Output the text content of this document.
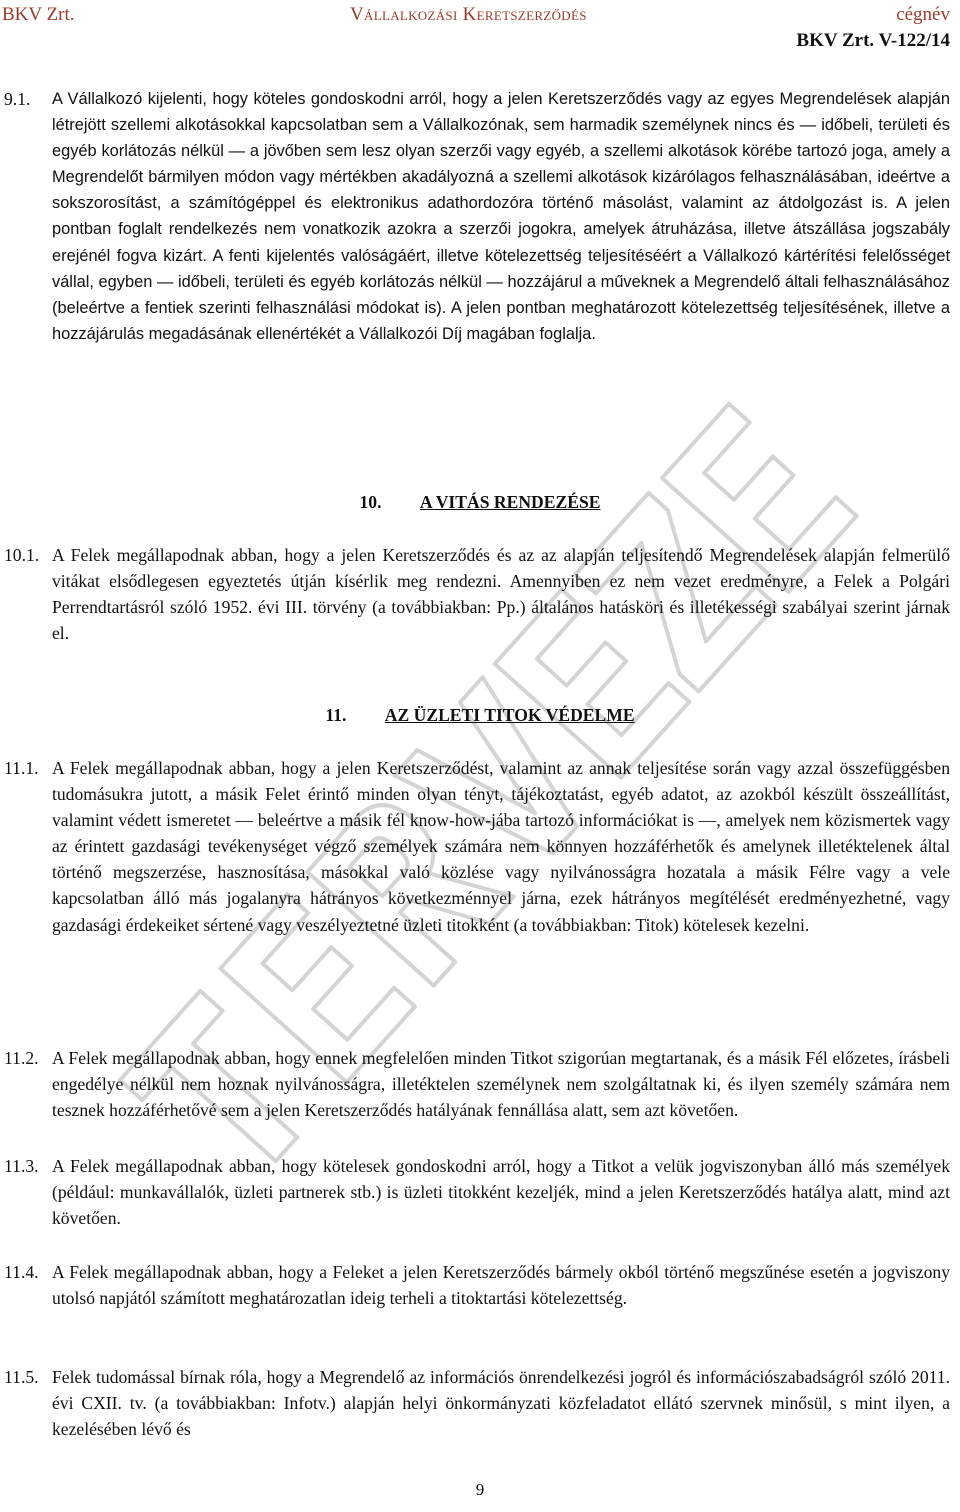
BKV Zrt.	Vállalkozási Keretszerződés	cégnév
BKV Zrt. V-122/14
9.1.	A Vállalkozó kijelenti, hogy köteles gondoskodni arról, hogy a jelen Keretszerződés vagy az egyes Megrendelések alapján létrejött szellemi alkotásokkal kapcsolatban sem a Vállalkozónak, sem harmadik személynek nincs és — időbeli, területi és egyéb korlátozás nélkül — a jövőben sem lesz olyan szerzői vagy egyéb, a szellemi alkotások körébe tartozó joga, amely a Megrendelőt bármilyen módon vagy mértékben akadályozná a szellemi alkotások kizárólagos felhasználásában, ideértve a sokszorosítást, a számítógéppel és elektronikus adathordozóra történő másolást, valamint az átdolgozást is. A jelen pontban foglalt rendelkezés nem vonatkozik azokra a szerzői jogokra, amelyek átruházása, illetve átszállása jogszabály erejénél fogva kizárt. A fenti kijelentés valóságáért, illetve kötelezettség teljesítéséért a Vállalkozó kártérítési felelősséget vállal, egyben — időbeli, területi és egyéb korlátozás nélkül — hozzájárul a műveknek a Megrendelő általi felhasználásához (beleértve a fentiek szerinti felhasználási módokat is). A jelen pontban meghatározott kötelezettség teljesítésének, illetve a hozzájárulás megadásának ellenértékét a Vállalkozói Díj magában foglalja.
10. A VITÁS RENDEZÉSE
10.1. A Felek megállapodnak abban, hogy a jelen Keretszerződés és az az alapján teljesítendő Megrendelések alapján felmerülő vitákat elsődlegesen egyeztetés útján kísérlik meg rendezni. Amennyiben ez nem vezet eredményre, a Felek a Polgári Perrendtartásról szóló 1952. évi III. törvény (a továbbiakban: Pp.) általános hatásköri és illetékességi szabályai szerint járnak el.
11. AZ ÜZLETI TITOK VÉDELME
11.1. A Felek megállapodnak abban, hogy a jelen Keretszerződést, valamint az annak teljesítése során vagy azzal összefüggésben tudomásukra jutott, a másik Felet érintő minden olyan tényt, tájékoztatást, egyéb adatot, az azokból készült összeállítást, valamint védett ismeretet — beleértve a másik fél know-how-jába tartozó információkat is —, amelyek nem közismertek vagy az érintett gazdasági tevékenységet végző személyek számára nem könnyen hozzáférhetők és amelynek illetéktelenek által történő megszerzése, hasznosítása, másokkal való közlése vagy nyilvánosságra hozatala a másik Félre vagy a vele kapcsolatban álló más jogalanyra hátrányos következménnyel járna, ezek hátrányos megítélését eredményezhetné, vagy gazdasági érdekeiket sértené vagy veszélyeztetné üzleti titokként (a továbbiakban: Titok) kötelesek kezelni.
11.2. A Felek megállapodnak abban, hogy ennek megfelelően minden Titkot szigorúan megtartanak, és a másik Fél előzetes, írásbeli engedélye nélkül nem hoznak nyilvánosságra, illetéktelen személynek nem szolgáltatnak ki, és ilyen személy számára nem tesznek hozzáférhetővé sem a jelen Keretszerződés hatályának fennállása alatt, sem azt követően.
11.3. A Felek megállapodnak abban, hogy kötelesek gondoskodni arról, hogy a Titkot a velük jogviszonyban álló más személyek (például: munkavállalók, üzleti partnerek stb.) is üzleti titokként kezeljék, mind a jelen Keretszerződés hatálya alatt, mind azt követően.
11.4. A Felek megállapodnak abban, hogy a Feleket a jelen Keretszerződés bármely okból történő megszűnése esetén a jogviszony utolsó napjától számított meghatározatlan ideig terheli a titoktartási kötelezettség.
11.5. Felek tudomással bírnak róla, hogy a Megrendelő az információs önrendelkezési jogról és információszabadságról szóló 2011. évi CXII. tv. (a továbbiakban: Infotv.) alapján helyi önkormányzati közfeladatot ellátó szervnek minősül, s mint ilyen, a kezelésében lévő és
9
